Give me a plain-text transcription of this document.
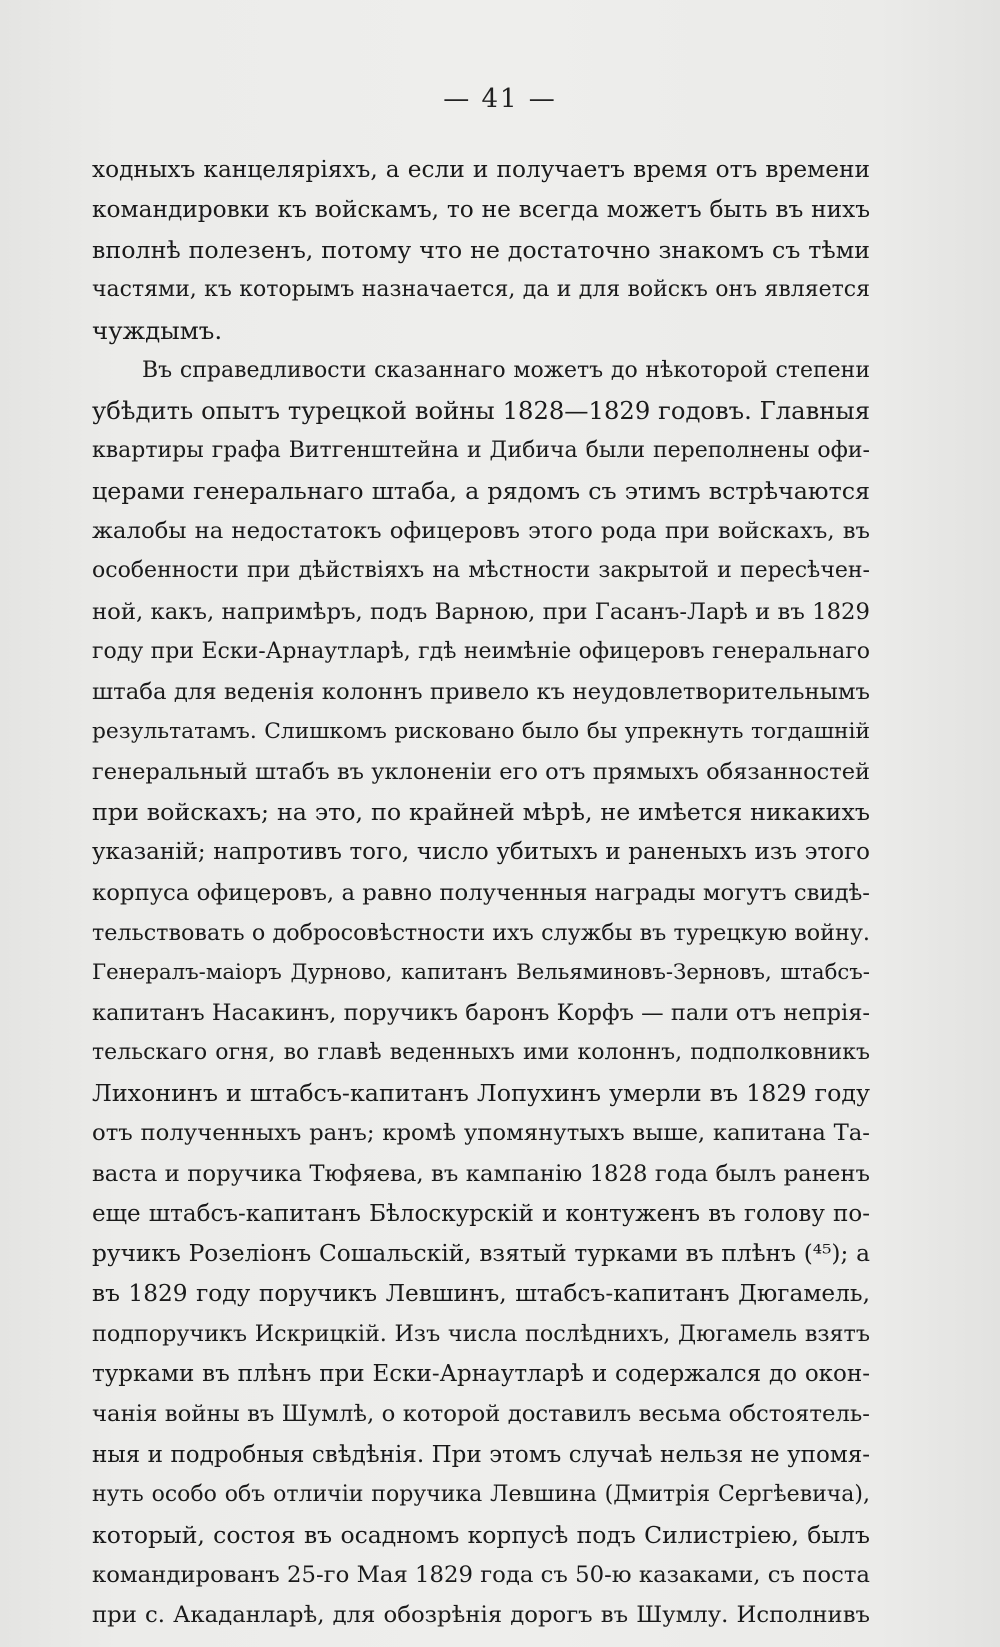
— 41 —
ходныхъ канцеляріяхъ, а если и получаетъ время отъ времени
командировки къ войскамъ, то не всегда можетъ быть въ нихъ
вполнѣ полезенъ, потому что не достаточно знакомъ съ тѣми
частями, къ которымъ назначается, да и для войскъ онъ является
чуждымъ.
Въ справедливости сказаннаго можетъ до нѣкоторой степени
убѣдить опытъ турецкой войны 1828—1829 годовъ. Главныя
квартиры графа Витгенштейна и Дибича были переполнены офи-
церами генеральнаго штаба, а рядомъ съ этимъ встрѣчаются
жалобы на недостатокъ офицеровъ этого рода при войскахъ, въ
особенности при дѣйствіяхъ на мѣстности закрытой и пересѣчен-
ной, какъ, напримѣръ, подъ Варною, при Гасанъ-Ларѣ и въ 1829
году при Ески-Арнаутларѣ, гдѣ неимѣніе офицеровъ генеральнаго
штаба для веденія колоннъ привело къ неудовлетворительнымъ
результатамъ. Слишкомъ рисковано было бы упрекнуть тогдашній
генеральный штабъ въ уклоненіи его отъ прямыхъ обязанностей
при войскахъ; на это, по крайней мѣрѣ, не имѣется никакихъ
указаній; напротивъ того, число убитыхъ и раненыхъ изъ этого
корпуса офицеровъ, а равно полученныя награды могутъ свидѣ-
тельствовать о добросовѣстности ихъ службы въ турецкую войну.
Генералъ-маіоръ Дурново, капитанъ Вельяминовъ-Зерновъ, штабсъ-
капитанъ Насакинъ, поручикъ баронъ Корфъ — пали отъ непрія-
тельскаго огня, во главѣ веденныхъ ими колоннъ, подполковникъ
Лихонинъ и штабсъ-капитанъ Лопухинъ умерли въ 1829 году
отъ полученныхъ ранъ; кромѣ упомянутыхъ выше, капитана Та-
васта и поручика Тюфяева, въ кампанію 1828 года былъ раненъ
еще штабсъ-капитанъ Бѣлоскурскій и контуженъ въ голову по-
ручикъ Розеліонъ Сошальскій, взятый турками въ плѣнъ (⁴⁵); а
въ 1829 году поручикъ Левшинъ, штабсъ-капитанъ Дюгамель,
подпоручикъ Искрицкій. Изъ числа послѣднихъ, Дюгамель взятъ
турками въ плѣнъ при Ески-Арнаутларѣ и содержался до окон-
чанія войны въ Шумлѣ, о которой доставилъ весьма обстоятель-
ныя и подробныя свѣдѣнія. При этомъ случаѣ нельзя не упомя-
нуть особо объ отличіи поручика Левшина (Дмитрія Сергѣевича),
который, состоя въ осадномъ корпусѣ подъ Силистріею, былъ
командированъ 25-го Мая 1829 года съ 50-ю казаками, съ поста
при с. Акаданларѣ, для обозрѣнія дорогъ въ Шумлу. Исполнивъ
